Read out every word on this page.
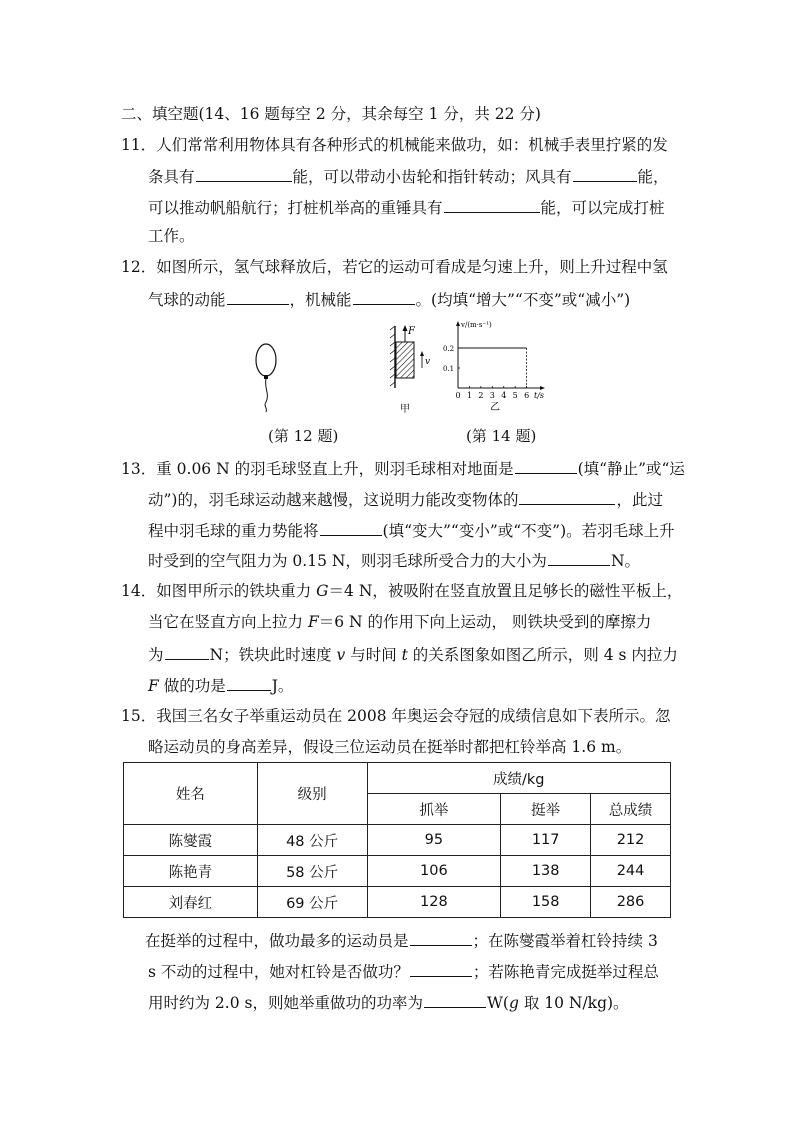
二、填空题(14、16 题每空 2 分，其余每空 1 分，共 22 分)
11．人们常常利用物体具有各种形式的机械能来做功，如：机械手表里拧紧的发
条具有	能，可以带动小齿轮和指针转动；风具有	能，
可以推动帆船航行；打桩机举高的重锤具有	能，可以完成打桩
工作。
12．如图所示，氢气球释放后，若它的运动可看成是匀速上升，则上升过程中氢
气球的动能	，机械能	。(均填“增大”“不变”或“减小”)
(第 12 题)
F
v
甲
v/(m·s⁻¹)
t/s
0 1 2 3 4 5 6
0.1
0.2
乙
(第 14 题)
13．重 0.06 N 的羽毛球竖直上升，则羽毛球相对地面是	(填“静止”或“运
动”)的，羽毛球运动越来越慢，这说明力能改变物体的	，此过
程中羽毛球的重力势能将	(填“变大”“变小”或“不变”)。若羽毛球上升
时受到的空气阻力为 0.15 N，则羽毛球所受合力的大小为	N。
14．如图甲所示的铁块重力 G＝4 N，被吸附在竖直放置且足够长的磁性平板上，
当它在竖直方向上拉力 F＝6 N 的作用下向上运动， 则铁块受到的摩擦力
为	N；铁块此时速度 v 与时间 t 的关系图象如图乙所示，则 4 s 内拉力
F 做的功是	J。
15．我国三名女子举重运动员在 2008 年奥运会夺冠的成绩信息如下表所示。忽
略运动员的身高差异，假设三位运动员在挺举时都把杠铃举高 1.6 m。
姓名	级别	成绩/kg		
		抓举	挺举	总成绩
陈燮霞	48 公斤	95	117	212
陈艳青	58 公斤	106	138	244
刘春红	69 公斤	128	158	286
在挺举的过程中，做功最多的运动员是	；在陈燮霞举着杠铃持续 3
s 不动的过程中，她对杠铃是否做功？	；若陈艳青完成挺举过程总
用时约为 2.0 s，则她举重做功的功率为	W(g 取 10 N/kg)。
